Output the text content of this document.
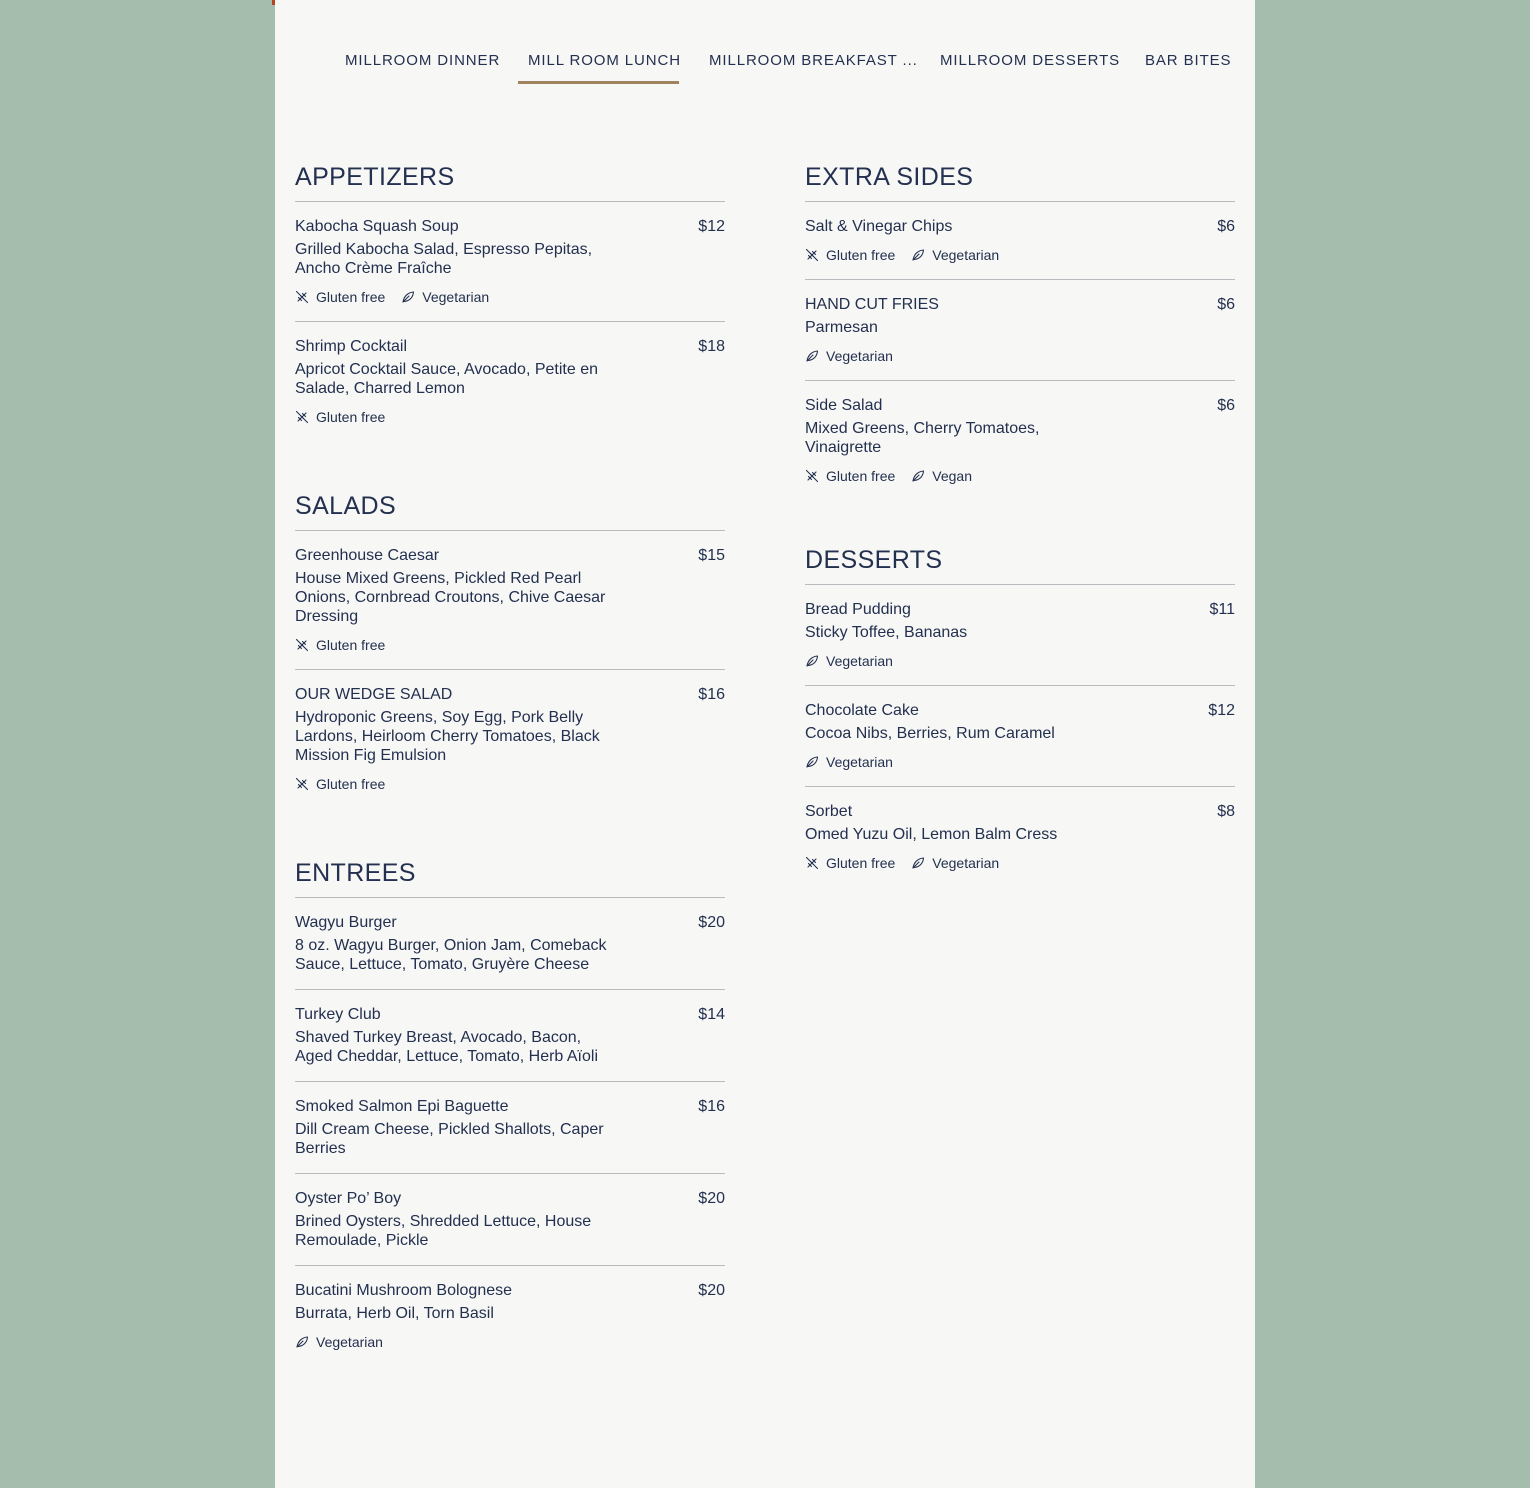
MILLROOM DINNER	MILL ROOM LUNCH MILLROOM BREAKFAST ... MILLROOM DESSERTS BAR BITES
APPETIZERS
Kabocha Squash Soup	$12
Grilled Kabocha Salad, Espresso Pepitas, Ancho Crème Fraîche
Gluten free	Vegetarian
Shrimp Cocktail	$18
Apricot Cocktail Sauce, Avocado, Petite en Salade, Charred Lemon
Gluten free
SALADS
Greenhouse Caesar	$15
House Mixed Greens, Pickled Red Pearl Onions, Cornbread Croutons, Chive Caesar Dressing
Gluten free
OUR WEDGE SALAD	$16
Hydroponic Greens, Soy Egg, Pork Belly Lardons, Heirloom Cherry Tomatoes, Black Mission Fig Emulsion
Gluten free
ENTREES
Wagyu Burger	$20
8 oz. Wagyu Burger, Onion Jam, Comeback Sauce, Lettuce, Tomato, Gruyère Cheese
Turkey Club	$14
Shaved Turkey Breast, Avocado, Bacon, Aged Cheddar, Lettuce, Tomato, Herb Aïoli
Smoked Salmon Epi Baguette	$16
Dill Cream Cheese, Pickled Shallots, Caper Berries
Oyster Po’ Boy	$20
Brined Oysters, Shredded Lettuce, House Remoulade, Pickle
Bucatini Mushroom Bolognese	$20
Burrata, Herb Oil, Torn Basil
Vegetarian
EXTRA SIDES
Salt & Vinegar Chips	$6
Gluten free	Vegetarian
HAND CUT FRIES	$6
Parmesan
Vegetarian
Side Salad	$6
Mixed Greens, Cherry Tomatoes, Vinaigrette
Gluten free	Vegan
DESSERTS
Bread Pudding	$11
Sticky Toffee, Bananas
Vegetarian
Chocolate Cake	$12
Cocoa Nibs, Berries, Rum Caramel
Vegetarian
Sorbet	$8
Omed Yuzu Oil, Lemon Balm Cress
Gluten free	Vegetarian
